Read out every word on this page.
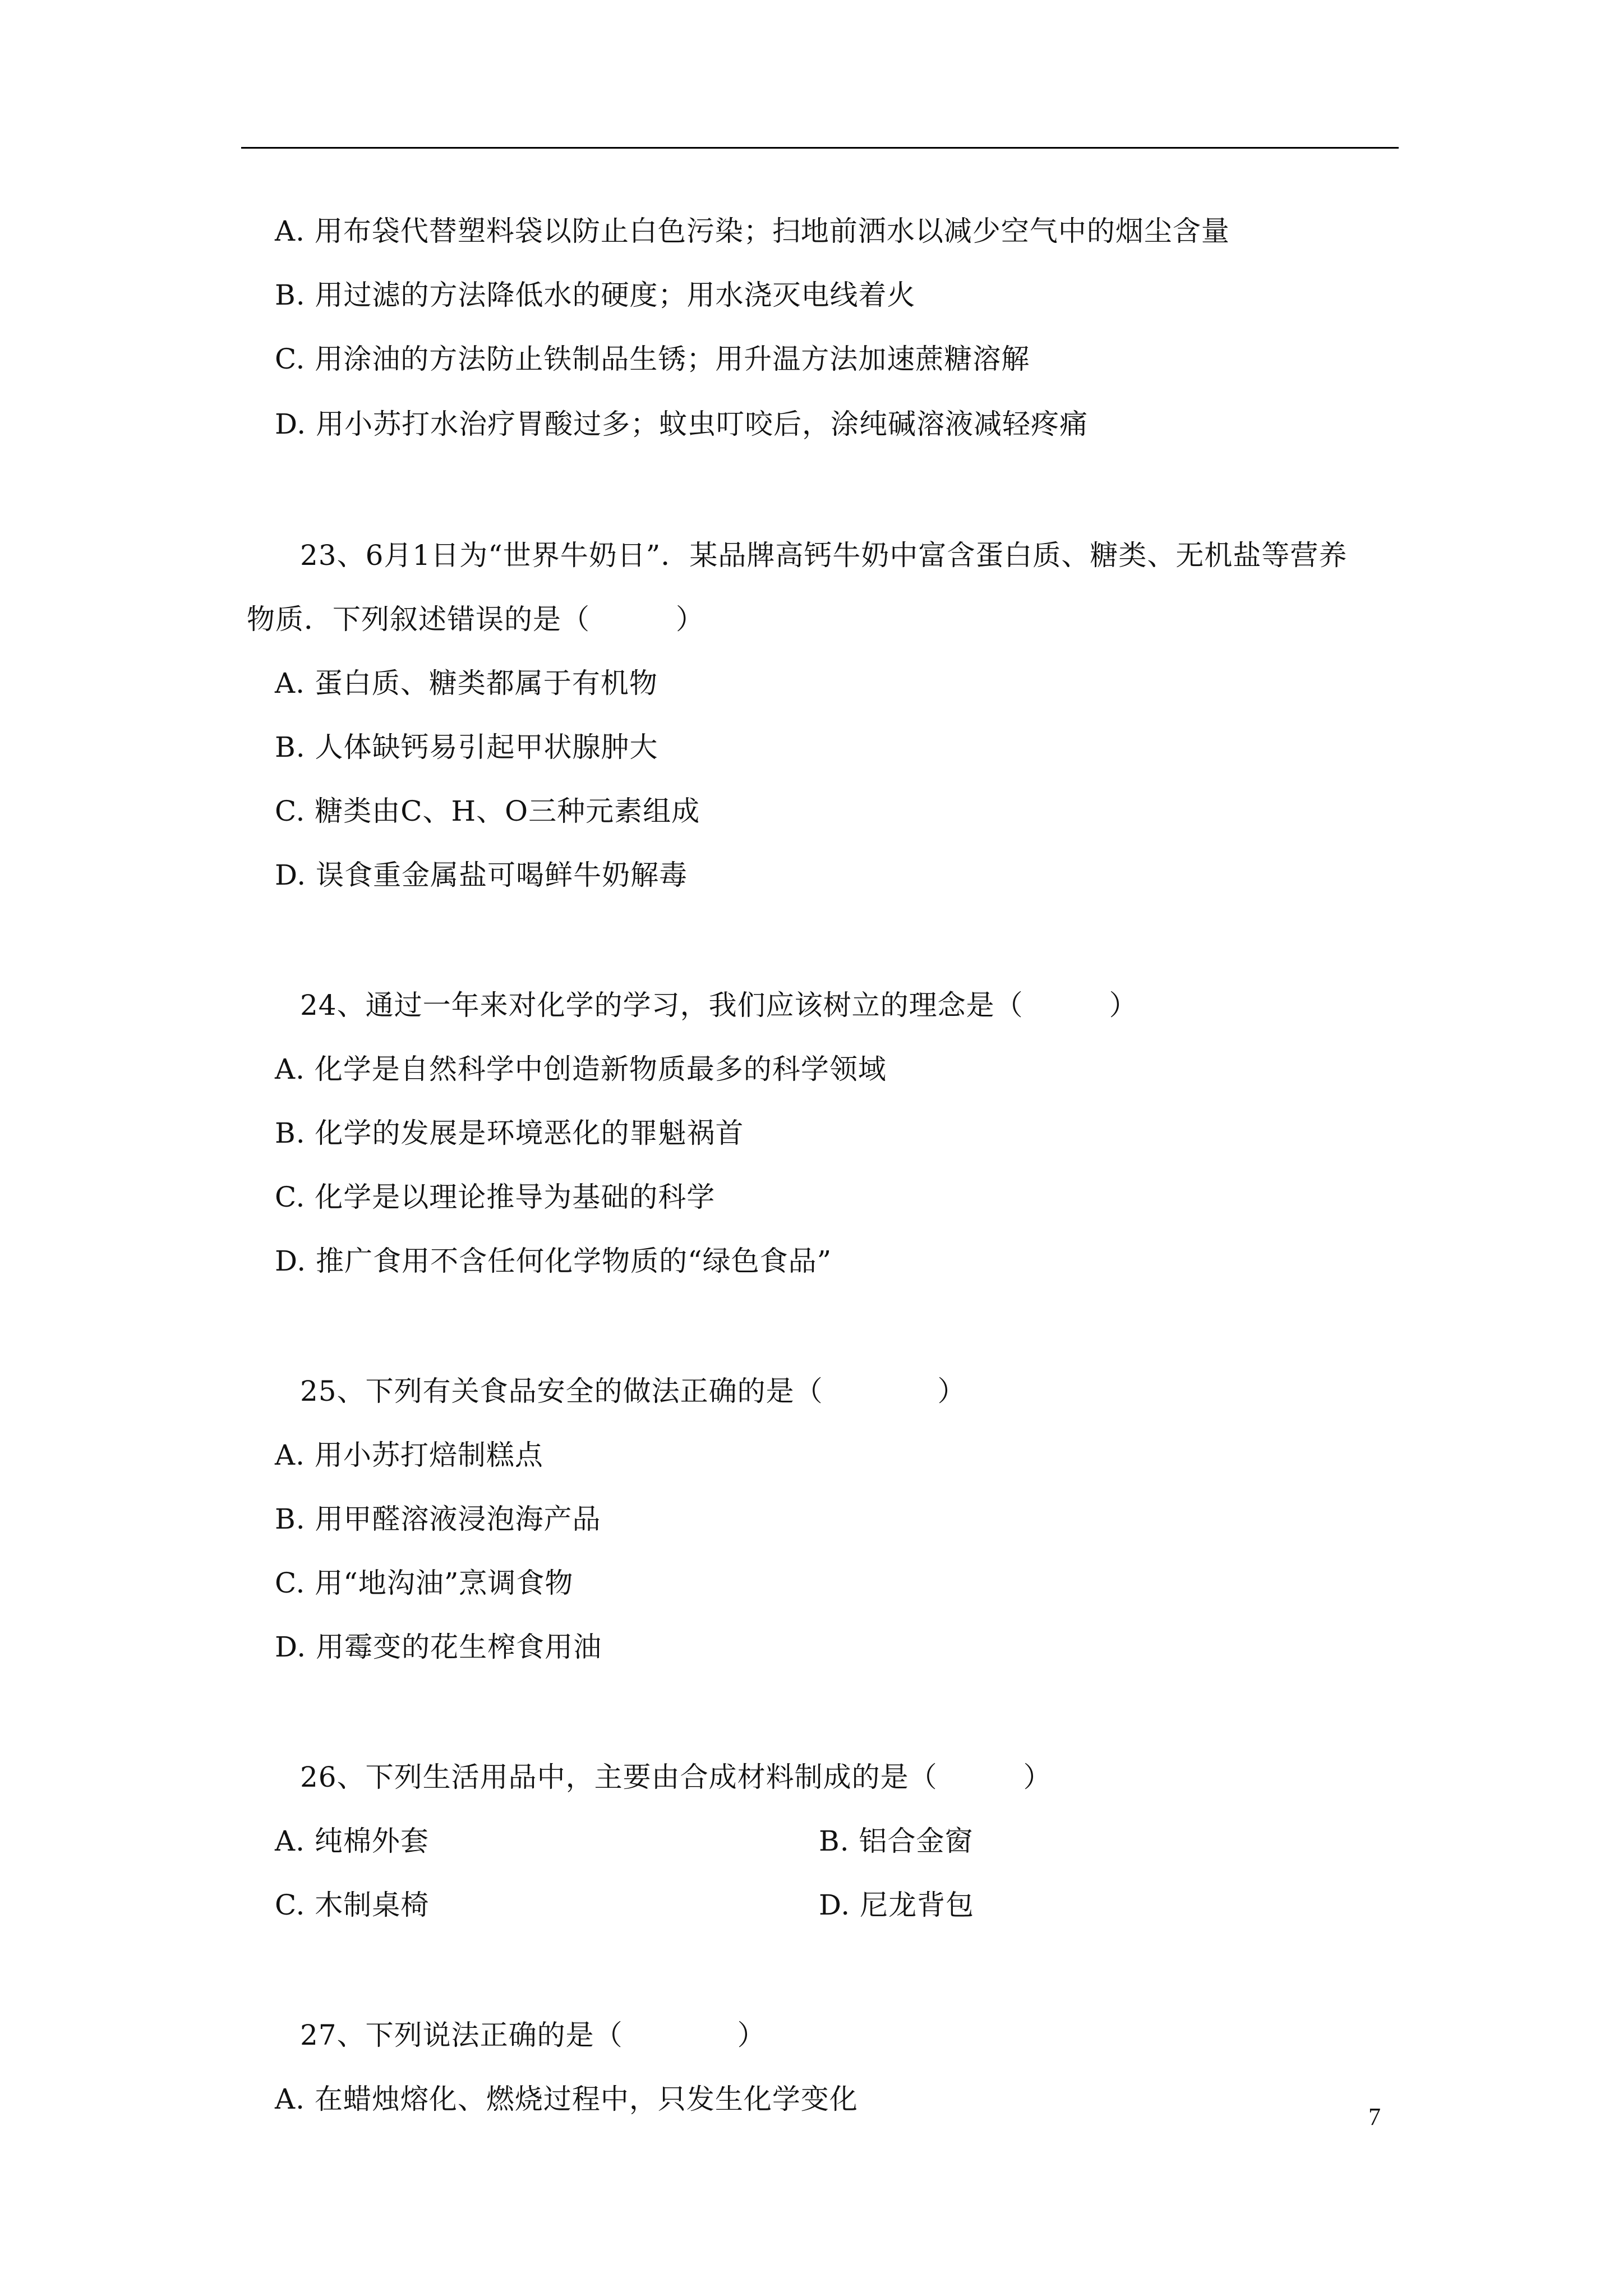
A. 用布袋代替塑料袋以防止白色污染；扫地前洒水以减少空气中的烟尘含量
B. 用过滤的方法降低水的硬度；用水浇灭电线着火
C. 用涂油的方法防止铁制品生锈；用升温方法加速蔗糖溶解
D. 用小苏打水治疗胃酸过多；蚊虫叮咬后，涂纯碱溶液减轻疼痛
23、6月1日为“世界牛奶日”．某品牌高钙牛奶中富含蛋白质、糖类、无机盐等营养
物质．下列叙述错误的是（　　　）
A. 蛋白质、糖类都属于有机物
B. 人体缺钙易引起甲状腺肿大
C. 糖类由C、H、O三种元素组成
D. 误食重金属盐可喝鲜牛奶解毒
24、通过一年来对化学的学习，我们应该树立的理念是（　　　）
A. 化学是自然科学中创造新物质最多的科学领域
B. 化学的发展是环境恶化的罪魁祸首
C. 化学是以理论推导为基础的科学
D. 推广食用不含任何化学物质的“绿色食品”
25、下列有关食品安全的做法正确的是（　　　　）
A. 用小苏打焙制糕点
B. 用甲醛溶液浸泡海产品
C. 用“地沟油”烹调食物
D. 用霉变的花生榨食用油
26、下列生活用品中，主要由合成材料制成的是（　　　）
A. 纯棉外套	B. 铝合金窗
C. 木制桌椅	D. 尼龙背包
27、下列说法正确的是（　　　　）
A. 在蜡烛熔化、燃烧过程中，只发生化学变化
7
